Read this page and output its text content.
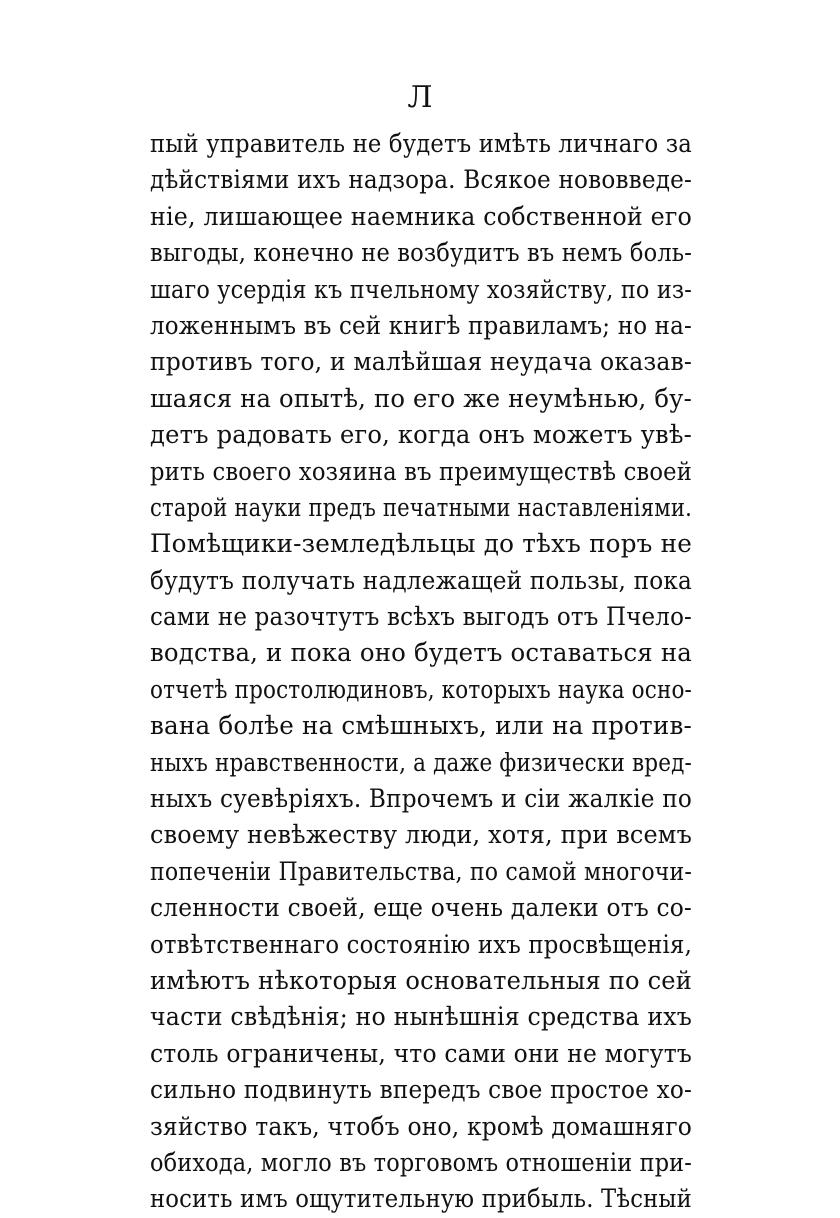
Л
пый управитель не будетъ имѣть личнаго за
дѣйствіями ихъ надзора. Всякое нововведе-
ніе, лишающее наемника собственной его
выгоды, конечно не возбудитъ въ немъ боль-
шаго усердія къ пчельному хозяйству, по из-
ложеннымъ въ сей книгѣ правиламъ; но на-
противъ того, и малѣйшая неудача оказав-
шаяся на опытѣ, по его же неумѣнью, бу-
детъ радовать его, когда онъ можетъ увѣ-
рить своего хозяина въ преимуществѣ своей
старой науки предъ печатными наставленіями.
Помѣщики-земледѣльцы до тѣхъ поръ не
будутъ получать надлежащей пользы, пока
сами не разочтутъ всѣхъ выгодъ отъ Пчело-
водства, и пока оно будетъ оставаться на
отчетѣ простолюдиновъ, которыхъ наука осно-
вана болѣе на смѣшныхъ, или на против-
ныхъ нравственности, а даже физически вред-
ныхъ суевѣріяхъ. Впрочемъ и сіи жалкіе по
своему невѣжеству люди, хотя, при всемъ
попеченіи Правительства, по самой многочи-
сленности своей, еще очень далеки отъ со-
отвѣтственнаго состоянію ихъ просвѣщенія,
имѣютъ нѣкоторыя основательныя по сей
части свѣдѣнія; но нынѣшнія средства ихъ
столь ограничены, что сами они не могутъ
сильно подвинуть впередъ свое простое хо-
зяйство такъ, чтобъ оно, кромѣ домашняго
обихода, могло въ торговомъ отношеніи при-
носить имъ ощутительную прибыль. Тѣсный
